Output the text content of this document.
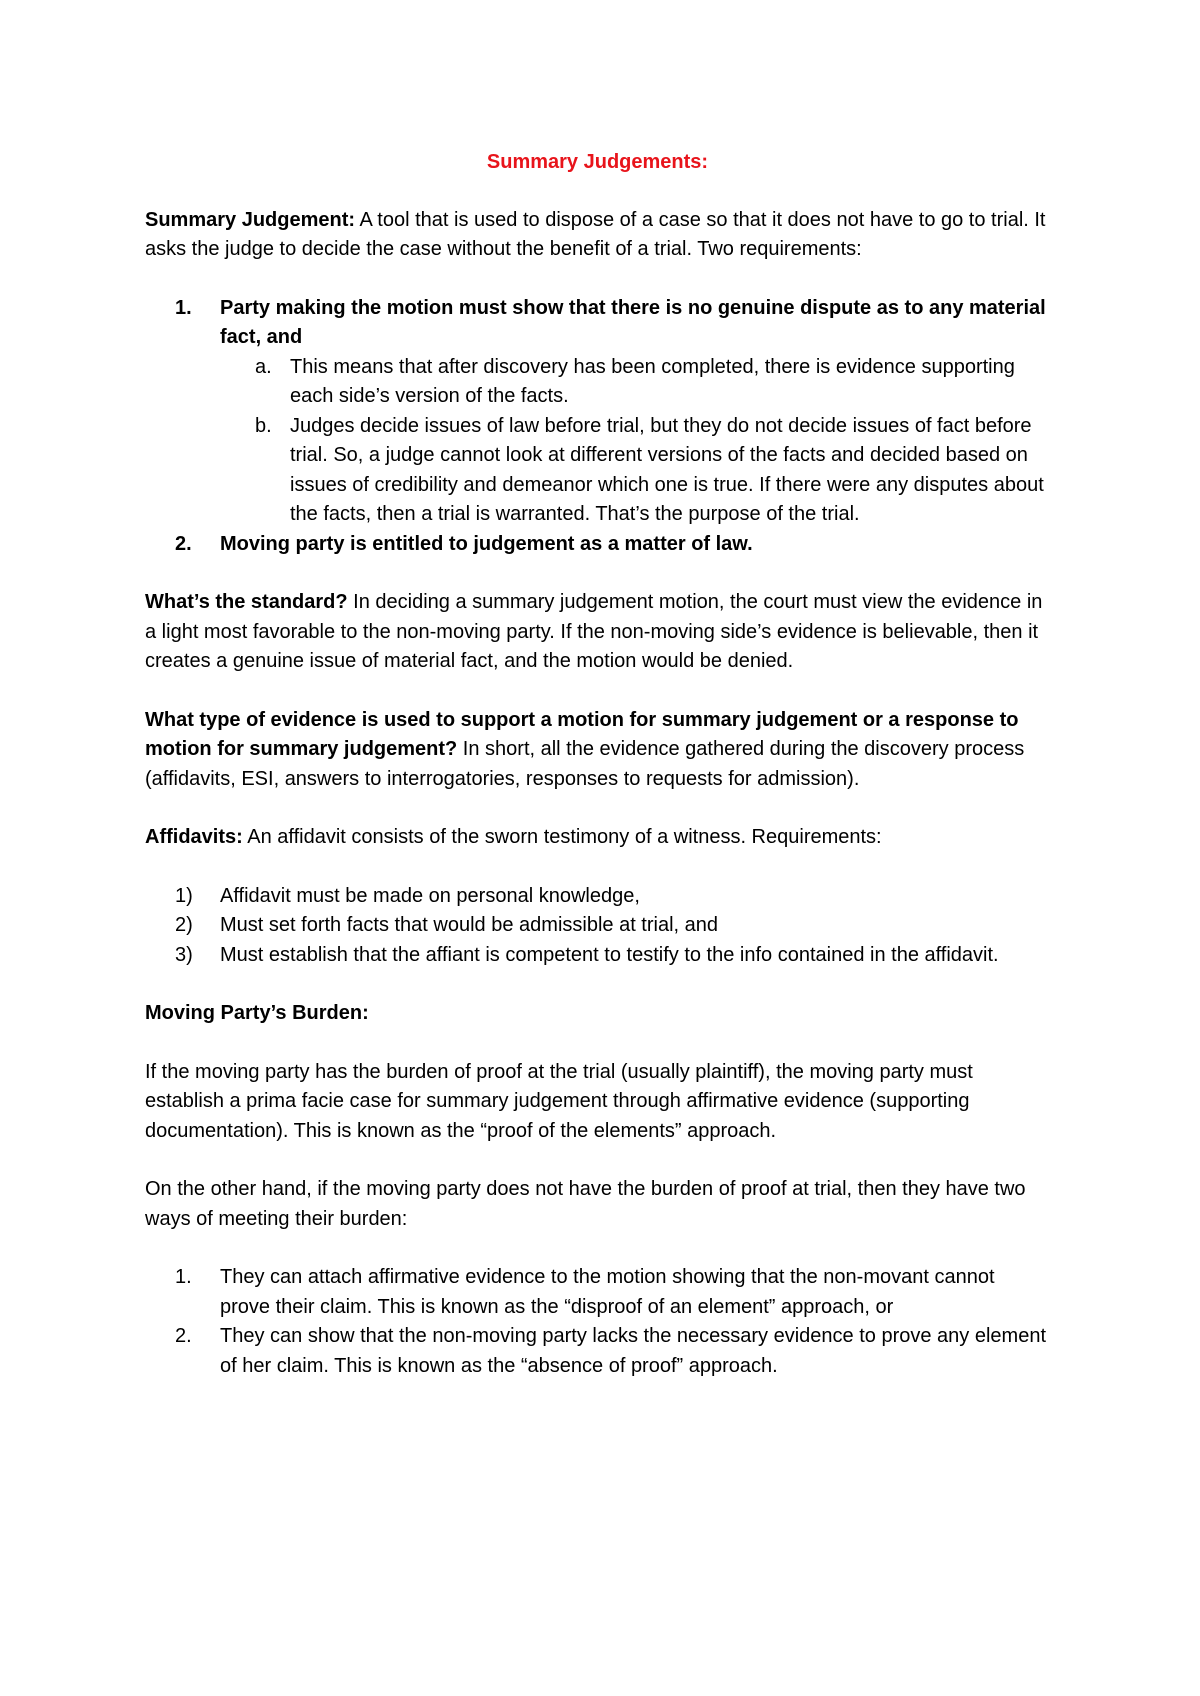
Summary Judgements:

Summary Judgement: A tool that is used to dispose of a case so that it does not have to go to trial. It asks the judge to decide the case without the benefit of a trial. Two requirements:

1. Party making the motion must show that there is no genuine dispute as to any material fact, and
a. This means that after discovery has been completed, there is evidence supporting each side’s version of the facts.
b. Judges decide issues of law before trial, but they do not decide issues of fact before trial. So, a judge cannot look at different versions of the facts and decided based on issues of credibility and demeanor which one is true. If there were any disputes about the facts, then a trial is warranted. That’s the purpose of the trial.
2. Moving party is entitled to judgement as a matter of law.

What’s the standard? In deciding a summary judgement motion, the court must view the evidence in a light most favorable to the non-moving party. If the non-moving side’s evidence is believable, then it creates a genuine issue of material fact, and the motion would be denied.

What type of evidence is used to support a motion for summary judgement or a response to motion for summary judgement? In short, all the evidence gathered during the discovery process (affidavits, ESI, answers to interrogatories, responses to requests for admission).

Affidavits: An affidavit consists of the sworn testimony of a witness. Requirements:

1) Affidavit must be made on personal knowledge,
2) Must set forth facts that would be admissible at trial, and
3) Must establish that the affiant is competent to testify to the info contained in the affidavit.
Moving Party’s Burden:

If the moving party has the burden of proof at the trial (usually plaintiff), the moving party must establish a prima facie case for summary judgement through affirmative evidence (supporting documentation). This is known as the “proof of the elements” approach.

On the other hand, if the moving party does not have the burden of proof at trial, then they have two ways of meeting their burden:

1. They can attach affirmative evidence to the motion showing that the non-movant cannot prove their claim. This is known as the “disproof of an element” approach, or
2. They can show that the non-moving party lacks the necessary evidence to prove any element of her claim. This is known as the “absence of proof” approach.
